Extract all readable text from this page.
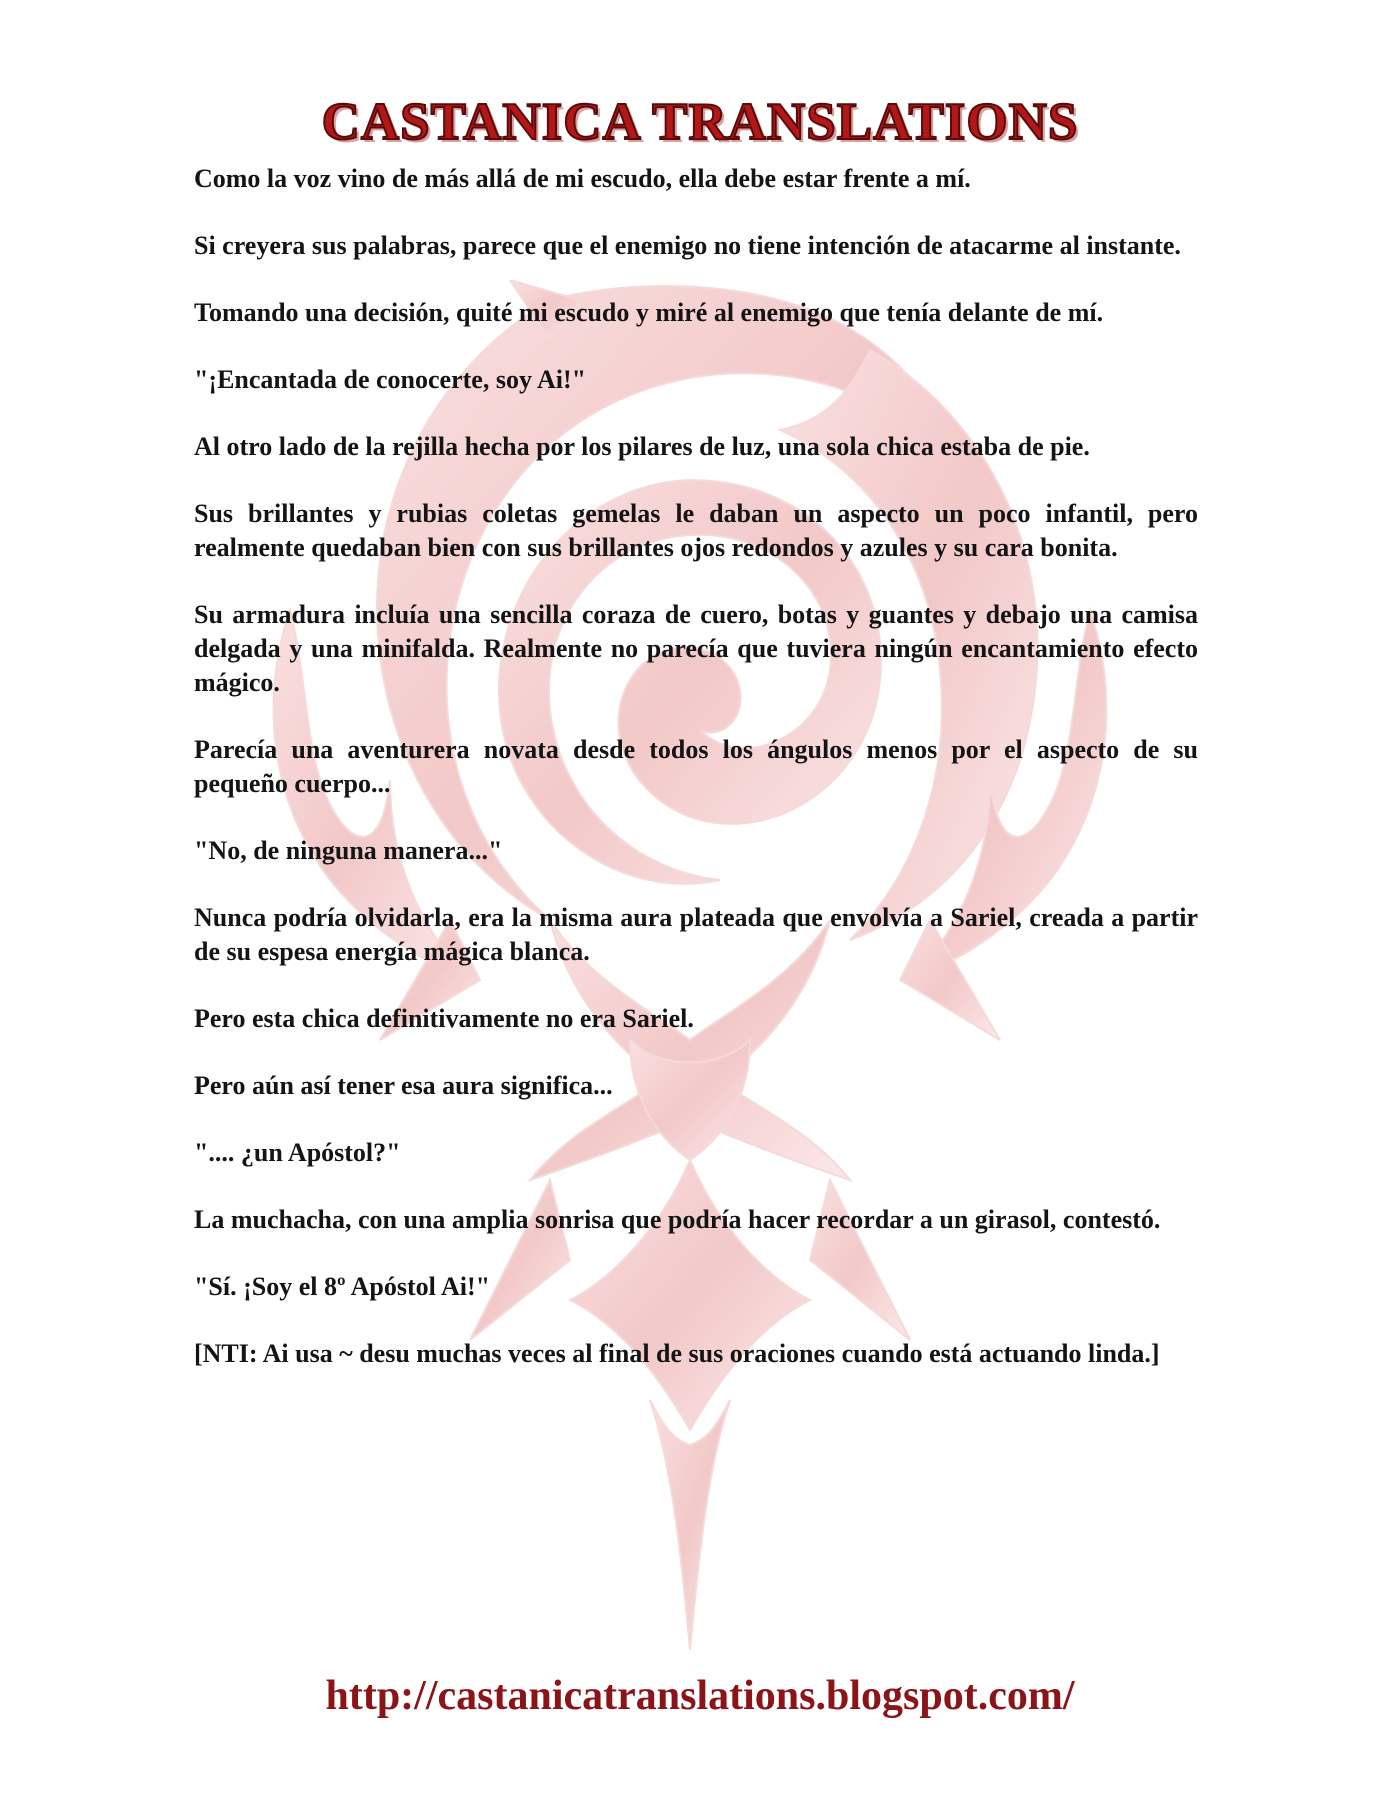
CASTANICA TRANSLATIONS

Como la voz vino de más allá de mi escudo, ella debe estar frente a mí.

Si creyera sus palabras, parece que el enemigo no tiene intención de atacarme al instante.

Tomando una decisión, quité mi escudo y miré al enemigo que tenía delante de mí.

"¡Encantada de conocerte, soy Ai!"

Al otro lado de la rejilla hecha por los pilares de luz, una sola chica estaba de pie.

Sus brillantes y rubias coletas gemelas le daban un aspecto un poco infantil, pero realmente quedaban bien con sus brillantes ojos redondos y azules y su cara bonita.

Su armadura incluía una sencilla coraza de cuero, botas y guantes y debajo una camisa delgada y una minifalda. Realmente no parecía que tuviera ningún encantamiento efecto mágico.

Parecía una aventurera novata desde todos los ángulos menos por el aspecto de su pequeño cuerpo...

"No, de ninguna manera..."

Nunca podría olvidarla, era la misma aura plateada que envolvía a Sariel, creada a partir de su espesa energía mágica blanca.

Pero esta chica definitivamente no era Sariel.

Pero aún así tener esa aura significa...

".... ¿un Apóstol?"

La muchacha, con una amplia sonrisa que podría hacer recordar a un girasol, contestó.

"Sí. ¡Soy el 8º Apóstol Ai!"

[NTI: Ai usa ~ desu muchas veces al final de sus oraciones cuando está actuando linda.]

http://castanicatranslations.blogspot.com/
